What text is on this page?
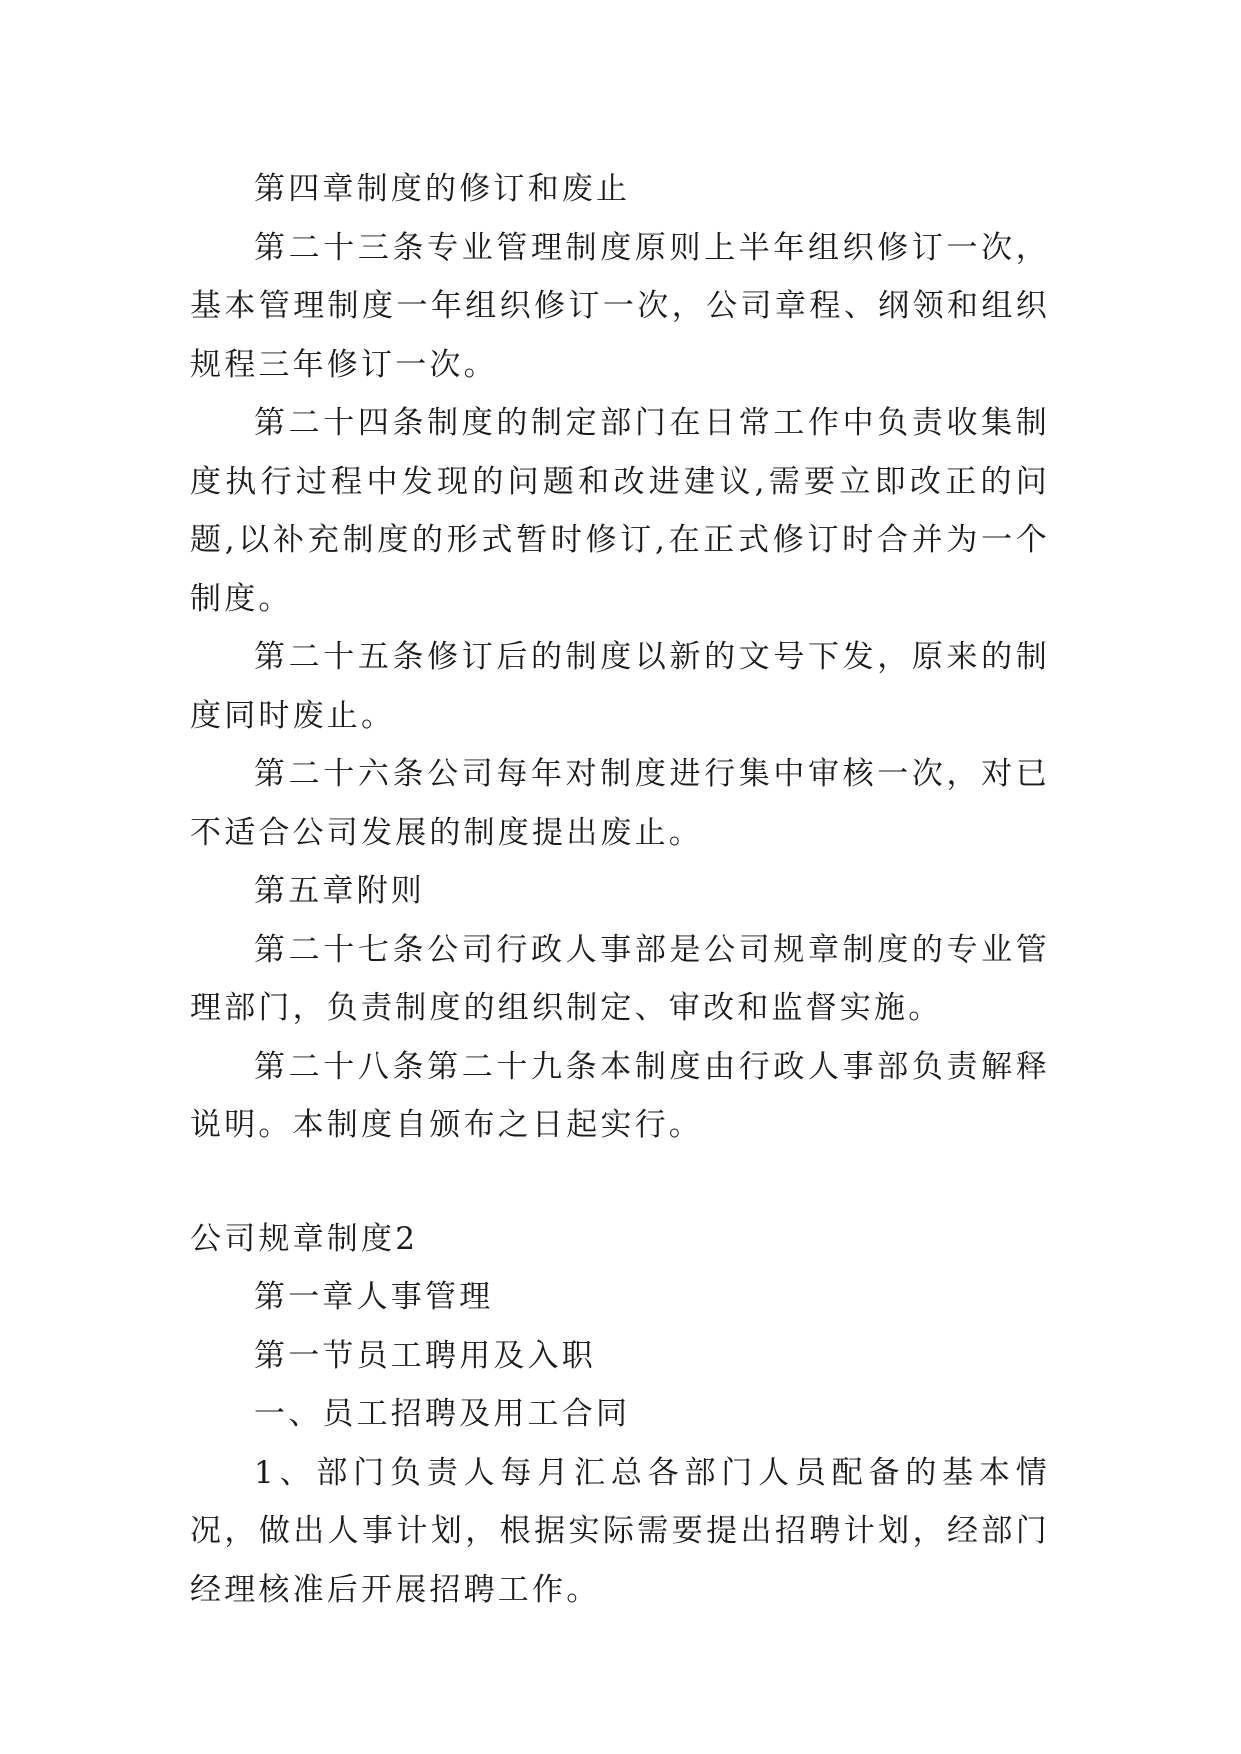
第四章制度的修订和废止

第二十三条专业管理制度原则上半年组织修订一次，基本管理制度一年组织修订一次，公司章程、纲领和组织规程三年修订一次。

第二十四条制度的制定部门在日常工作中负责收集制度执行过程中发现的问题和改进建议,需要立即改正的问题,以补充制度的形式暂时修订,在正式修订时合并为一个制度。

第二十五条修订后的制度以新的文号下发，原来的制度同时废止。

第二十六条公司每年对制度进行集中审核一次，对已不适合公司发展的制度提出废止。

第五章附则

第二十七条公司行政人事部是公司规章制度的专业管理部门，负责制度的组织制定、审改和监督实施。

第二十八条第二十九条本制度由行政人事部负责解释说明。本制度自颁布之日起实行。

公司规章制度2

第一章人事管理

第一节员工聘用及入职

一、员工招聘及用工合同

1、部门负责人每月汇总各部门人员配备的基本情况，做出人事计划，根据实际需要提出招聘计划，经部门经理核准后开展招聘工作。
